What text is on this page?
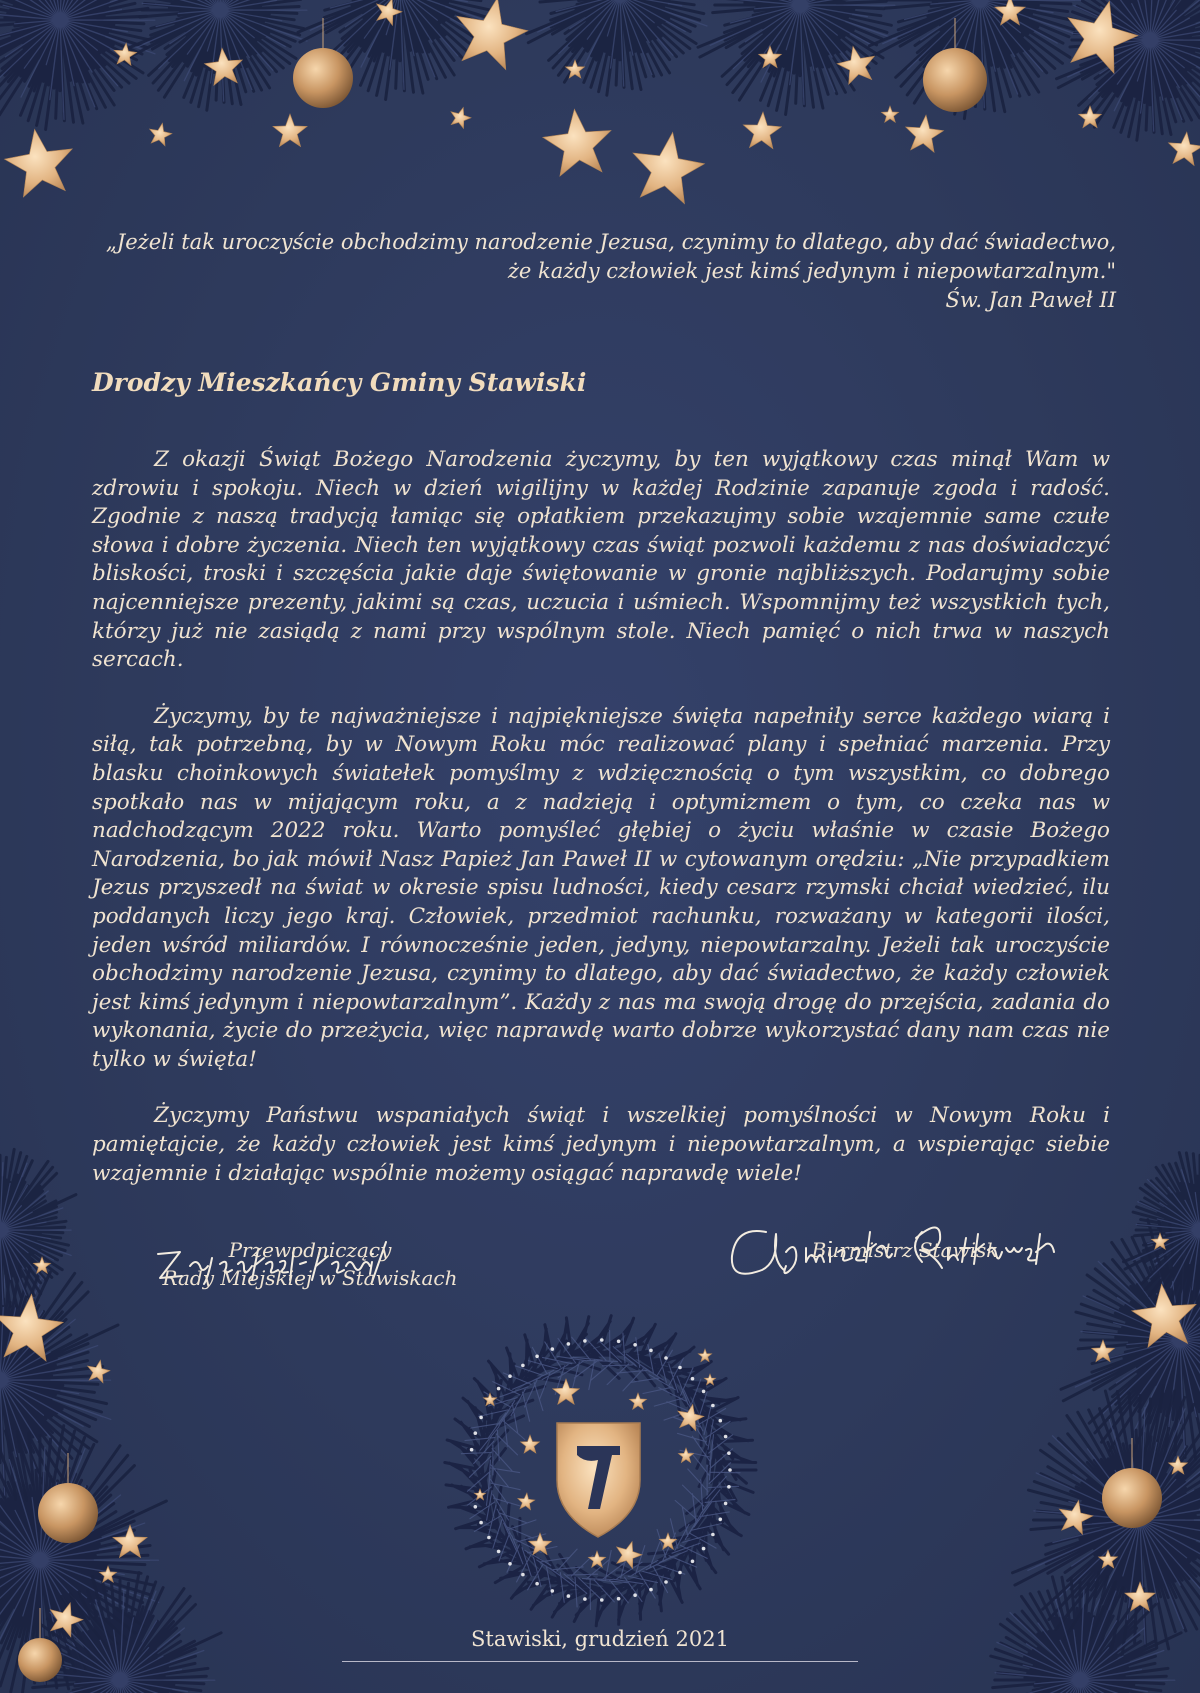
„Jeżeli tak uroczyście obchodzimy narodzenie Jezusa, czynimy to dlatego, aby dać świadectwo,
że każdy człowiek jest kimś jedynym i niepowtarzalnym."
Św. Jan Paweł II
Drodzy Mieszkańcy Gminy Stawiski

Z okazji Świąt Bożego Narodzenia życzymy, by ten wyjątkowy czas minął Wam w zdrowiu i spokoju. Niech w dzień wigilijny w każdej Rodzinie zapanuje zgoda i radość. Zgodnie z naszą tradycją łamiąc się opłatkiem przekazujmy sobie wzajemnie same czułe słowa i dobre życzenia. Niech ten wyjątkowy czas świąt pozwoli każdemu z nas doświadczyć bliskości, troski i szczęścia jakie daje świętowanie w gronie najbliższych. Podarujmy sobie najcenniejsze prezenty, jakimi są czas, uczucia i uśmiech. Wspomnijmy też wszystkich tych, którzy już nie zasiądą z nami przy wspólnym stole. Niech pamięć o nich trwa w naszych sercach.

Życzymy, by te najważniejsze i najpiękniejsze święta napełniły serce każdego wiarą i siłą, tak potrzebną, by w Nowym Roku móc realizować plany i spełniać marzenia. Przy blasku choinkowych światełek pomyślmy z wdzięcznością o tym wszystkim, co dobrego spotkało nas w mijającym roku, a z nadzieją i optymizmem o tym, co czeka nas w nadchodzącym 2022 roku. Warto pomyśleć głębiej o życiu właśnie w czasie Bożego Narodzenia, bo jak mówił Nasz Papież Jan Paweł II w cytowanym orędziu: „Nie przypadkiem Jezus przyszedł na świat w okresie spisu ludności, kiedy cesarz rzymski chciał wiedzieć, ilu poddanych liczy jego kraj. Człowiek, przedmiot rachunku, rozważany w kategorii ilości, jeden wśród miliardów. I równocześnie jeden, jedyny, niepowtarzalny. Jeżeli tak uroczyście obchodzimy narodzenie Jezusa, czynimy to dlatego, aby dać świadectwo, że każdy człowiek jest kimś jedynym i niepowtarzalnym”. Każdy z nas ma swoją drogę do przejścia, zadania do wykonania, życie do przeżycia, więc naprawdę warto dobrze wykorzystać dany nam czas nie tylko w święta!

Życzymy Państwu wspaniałych świąt i wszelkiej pomyślności w Nowym Roku i pamiętajcie, że każdy człowiek jest kimś jedynym i niepowtarzalnym, a wspierając siebie wzajemnie i działając wspólnie możemy osiągać naprawdę wiele!

Przewodniczący
Rady Miejskiej w Stawiskach
Burmistrz Stawisk
Stawiski, grudzień 2021
